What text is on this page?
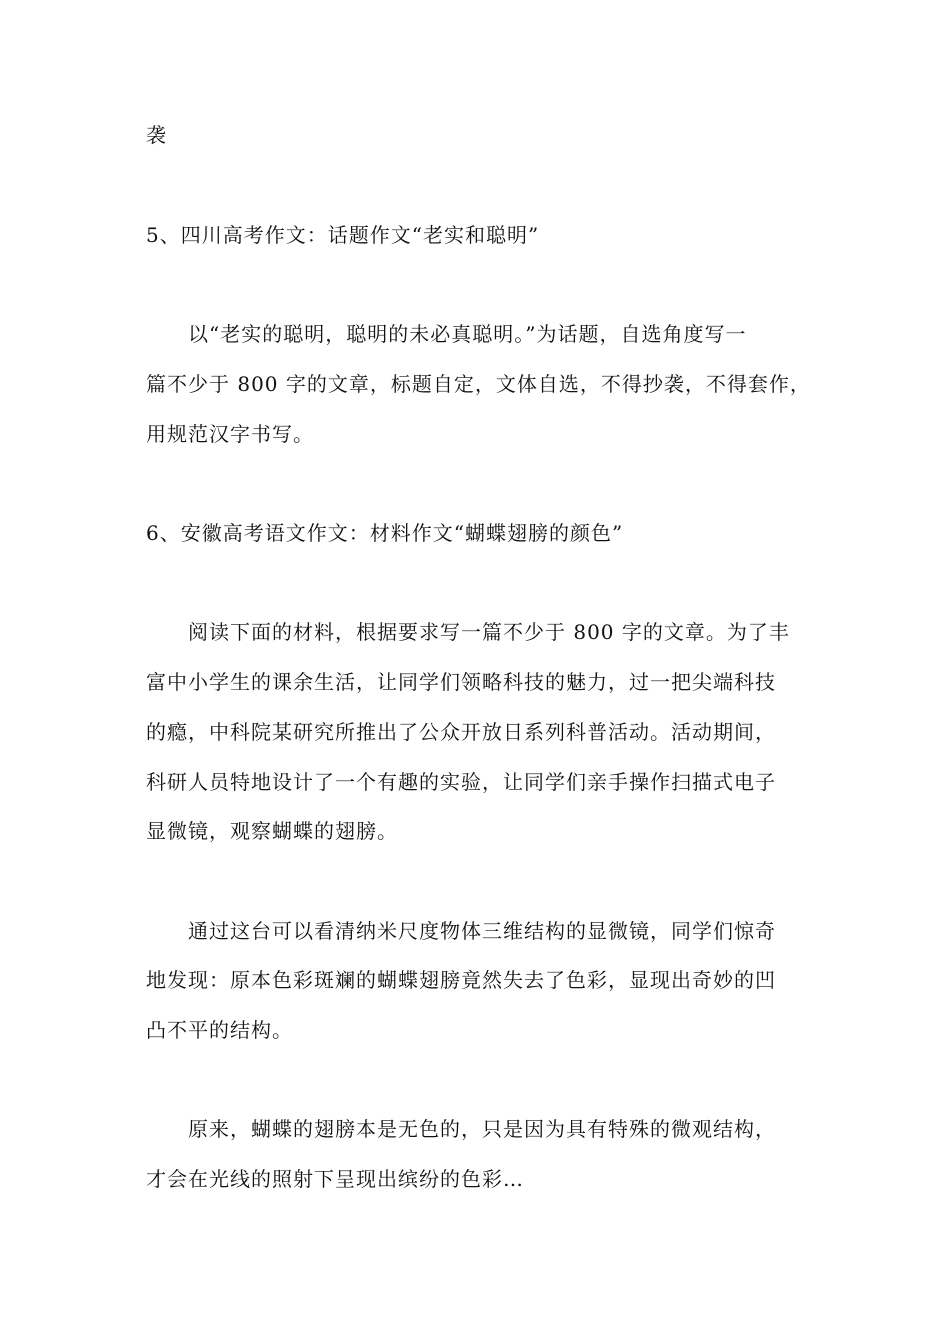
袭
5、四川高考作文：话题作文“老实和聪明”
以“老实的聪明，聪明的未必真聪明。”为话题，自选角度写一
篇不少于 800 字的文章，标题自定，文体自选，不得抄袭，不得套作，
用规范汉字书写。
6、安徽高考语文作文：材料作文“蝴蝶翅膀的颜色”
阅读下面的材料，根据要求写一篇不少于 800 字的文章。为了丰
富中小学生的课余生活，让同学们领略科技的魅力，过一把尖端科技
的瘾，中科院某研究所推出了公众开放日系列科普活动。活动期间，
科研人员特地设计了一个有趣的实验，让同学们亲手操作扫描式电子
显微镜，观察蝴蝶的翅膀。
通过这台可以看清纳米尺度物体三维结构的显微镜，同学们惊奇
地发现：原本色彩斑斓的蝴蝶翅膀竟然失去了色彩，显现出奇妙的凹
凸不平的结构。
原来，蝴蝶的翅膀本是无色的，只是因为具有特殊的微观结构，
才会在光线的照射下呈现出缤纷的色彩…
